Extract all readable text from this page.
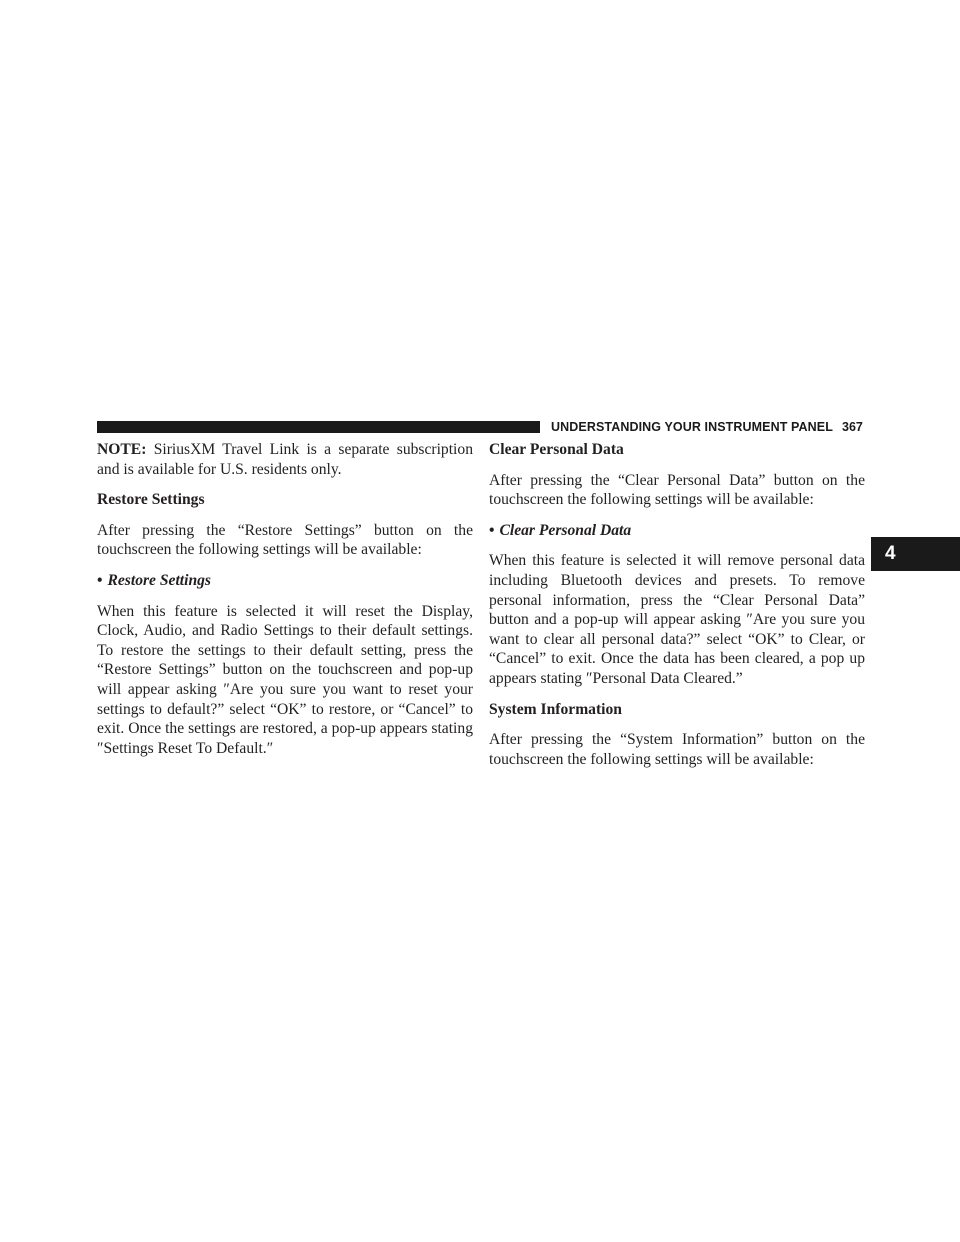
UNDERSTANDING YOUR INSTRUMENT PANEL 367
4

NOTE: SiriusXM Travel Link is a separate subscription and is available for U.S. residents only.

Restore Settings

After pressing the “Restore Settings” button on the touchscreen the following settings will be available:

• Restore Settings

When this feature is selected it will reset the Display, Clock, Audio, and Radio Settings to their default settings. To restore the settings to their default setting, press the “Restore Settings” button on the touchscreen and pop-up will appear asking ″Are you sure you want to reset your settings to default?” select “OK” to restore, or “Cancel” to exit. Once the settings are restored, a pop-up appears stating ″Settings Reset To Default.″

Clear Personal Data

After pressing the “Clear Personal Data” button on the touchscreen the following settings will be available:

• Clear Personal Data

When this feature is selected it will remove personal data including Bluetooth devices and presets. To remove personal information, press the “Clear Personal Data” button and a pop-up will appear asking ″Are you sure you want to clear all personal data?” select “OK” to Clear, or “Cancel” to exit. Once the data has been cleared, a pop up appears stating ″Personal Data Cleared.”

System Information

After pressing the “System Information” button on the touchscreen the following settings will be available:
